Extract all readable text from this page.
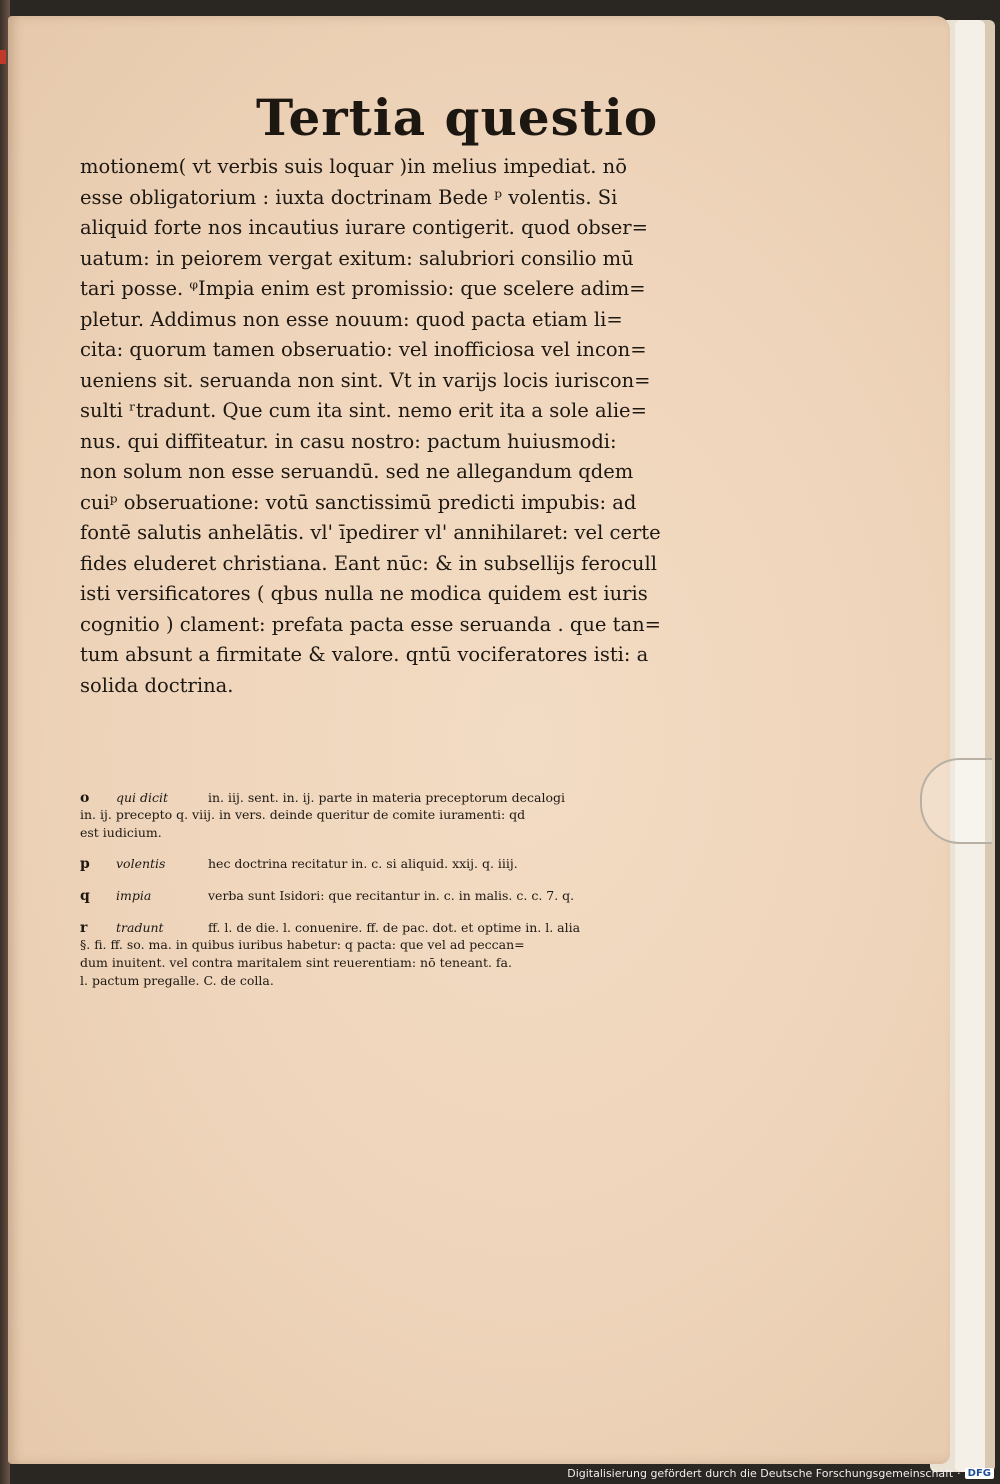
Tertia questio
motionem( vt verbis suis loquar )in melius impediat. nō
esse obligatorium : iuxta doctrinam Bede ᵖ volentis. Si
aliquid forte nos incautius iurare contigerit. quod obser=
uatum: in peiorem vergat exitum: salubriori consilio mū
tari posse. ᵠImpia enim est promissio: que scelere adim=
pletur. Addimus non esse nouum: quod pacta etiam li=
cita: quorum tamen obseruatio: vel inofficiosa vel incon=
ueniens sit. seruanda non sint. Vt in varijs locis iuriscon=
sulti ʳtradunt. Que cum ita sint. nemo erit ita a sole alie=
nus. qui diffiteatur. in casu nostro: pactum huiusmodi:
non solum non esse seruandū. sed ne allegandum qdem
cuiᵖ obseruatione: votū sanctissimū predicti impubis: ad
fontē salutis anhelātis. vl' īpedirer vl' annihilaret: vel certe
fides eluderet christiana. Eant nūc: & in subsellijs ferocull
isti versificatores ( qbus nulla ne modica quidem est iuris
cognitio ) clament: prefata pacta esse seruanda . que tan=
tum absunt a firmitate & valore. qntū vociferatores isti: a
solida doctrina.
o	qui dicit	in. iij. sent. in. ij. parte in materia preceptorum decalogi
in. ij. precepto q. viij. in vers. deinde queritur de comite iuramenti: qd
est iudicium.
p	volentis	hec doctrina recitatur in. c. si aliquid. xxij. q. iiij.
q	impia	verba sunt Isidori: que recitantur in. c. in malis. c. c. 7. q.
r	tradunt	ff. l. de die. l. conuenire. ff. de pac. dot. et optime in. l. alia
§. fi. ff. so. ma. in quibus iuribus habetur: q pacta: que vel ad peccan=
dum inuitent. vel contra maritalem sint reuerentiam: nō teneant. fa.
l. pactum pregalle. C. de colla.
Digitalisierung gefördert durch die Deutsche Forschungsgemeinschaft · DFG
